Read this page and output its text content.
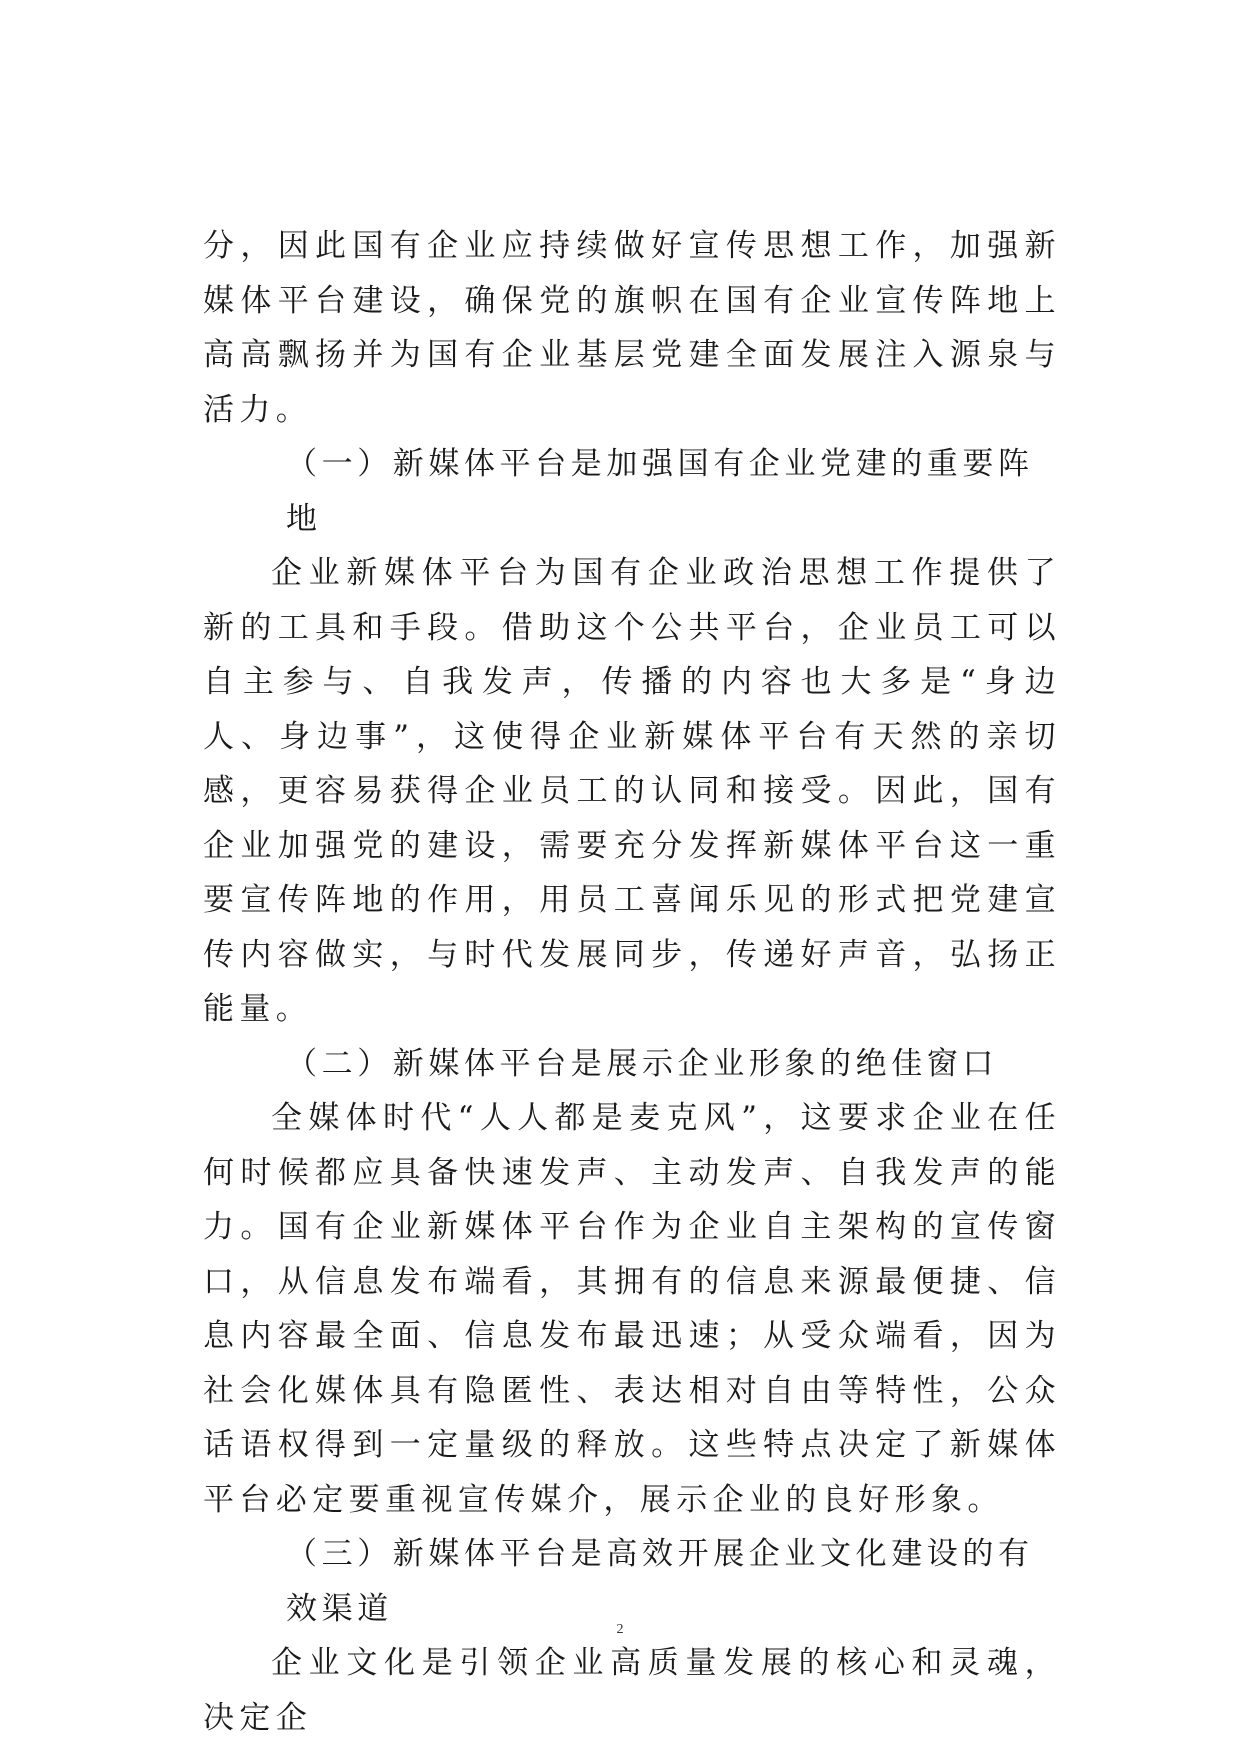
分，因此国有企业应持续做好宣传思想工作，加强新媒体平台建设，确保党的旗帜在国有企业宣传阵地上高高飘扬并为国有企业基层党建全面发展注入源泉与活力。

（一）新媒体平台是加强国有企业党建的重要阵地

企业新媒体平台为国有企业政治思想工作提供了新的工具和手段。借助这个公共平台，企业员工可以自主参与、自我发声，传播的内容也大多是“身边人、身边事”，这使得企业新媒体平台有天然的亲切感，更容易获得企业员工的认同和接受。因此，国有企业加强党的建设，需要充分发挥新媒体平台这一重要宣传阵地的作用，用员工喜闻乐见的形式把党建宣传内容做实，与时代发展同步，传递好声音，弘扬正能量。

（二）新媒体平台是展示企业形象的绝佳窗口

全媒体时代“人人都是麦克风”，这要求企业在任何时候都应具备快速发声、主动发声、自我发声的能力。国有企业新媒体平台作为企业自主架构的宣传窗口，从信息发布端看，其拥有的信息来源最便捷、信息内容最全面、信息发布最迅速；从受众端看，因为社会化媒体具有隐匿性、表达相对自由等特性，公众话语权得到一定量级的释放。这些特点决定了新媒体平台必定要重视宣传媒介，展示企业的良好形象。

（三）新媒体平台是高效开展企业文化建设的有效渠道

企业文化是引领企业高质量发展的核心和灵魂，决定企

2
